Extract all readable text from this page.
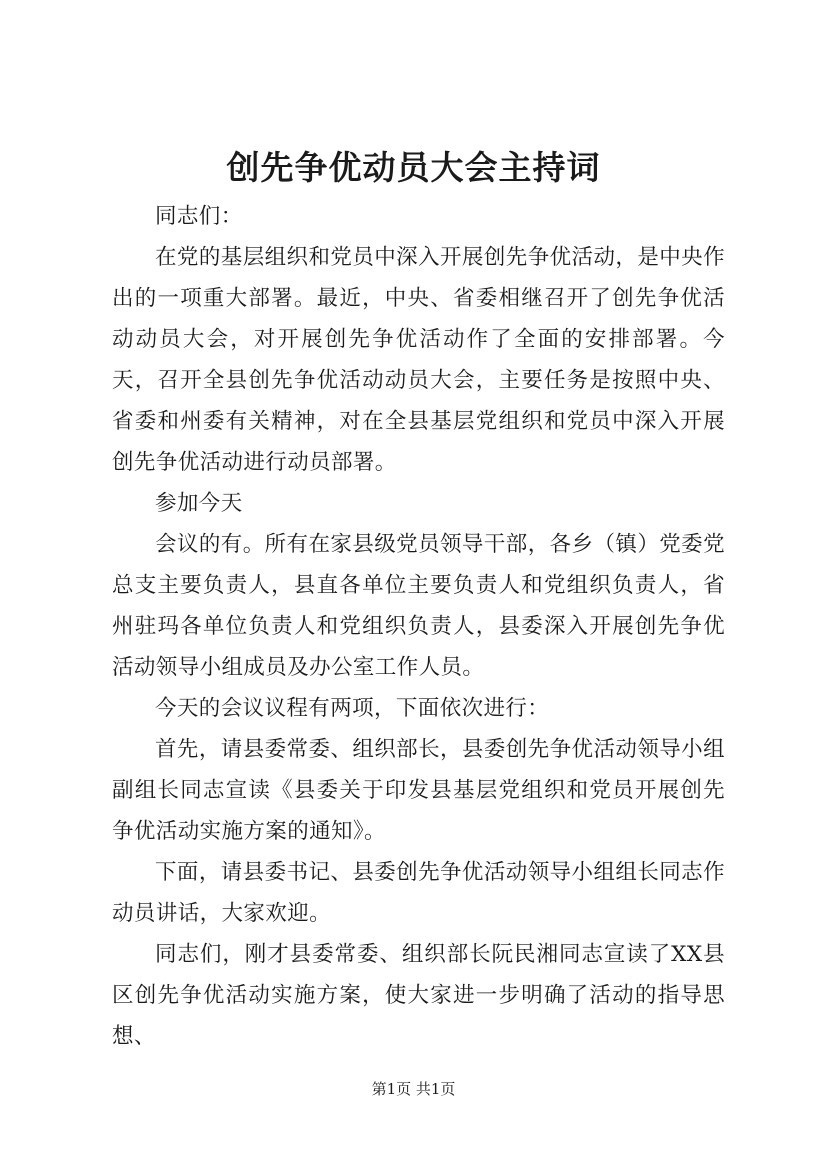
创先争优动员大会主持词

同志们：

在党的基层组织和党员中深入开展创先争优活动，是中央作出的一项重大部署。最近，中央、省委相继召开了创先争优活动动员大会，对开展创先争优活动作了全面的安排部署。今天，召开全县创先争优活动动员大会，主要任务是按照中央、省委和州委有关精神，对在全县基层党组织和党员中深入开展创先争优活动进行动员部署。

参加今天

会议的有。所有在家县级党员领导干部，各乡（镇）党委党总支主要负责人，县直各单位主要负责人和党组织负责人，省州驻玛各单位负责人和党组织负责人，县委深入开展创先争优活动领导小组成员及办公室工作人员。

今天的会议议程有两项，下面依次进行：

首先，请县委常委、组织部长，县委创先争优活动领导小组副组长同志宣读《县委关于印发县基层党组织和党员开展创先争优活动实施方案的通知》。

下面，请县委书记、县委创先争优活动领导小组组长同志作动员讲话，大家欢迎。

同志们，刚才县委常委、组织部长阮民湘同志宣读了XX县区创先争优活动实施方案，使大家进一步明确了活动的指导思想、

第1页 共1页
